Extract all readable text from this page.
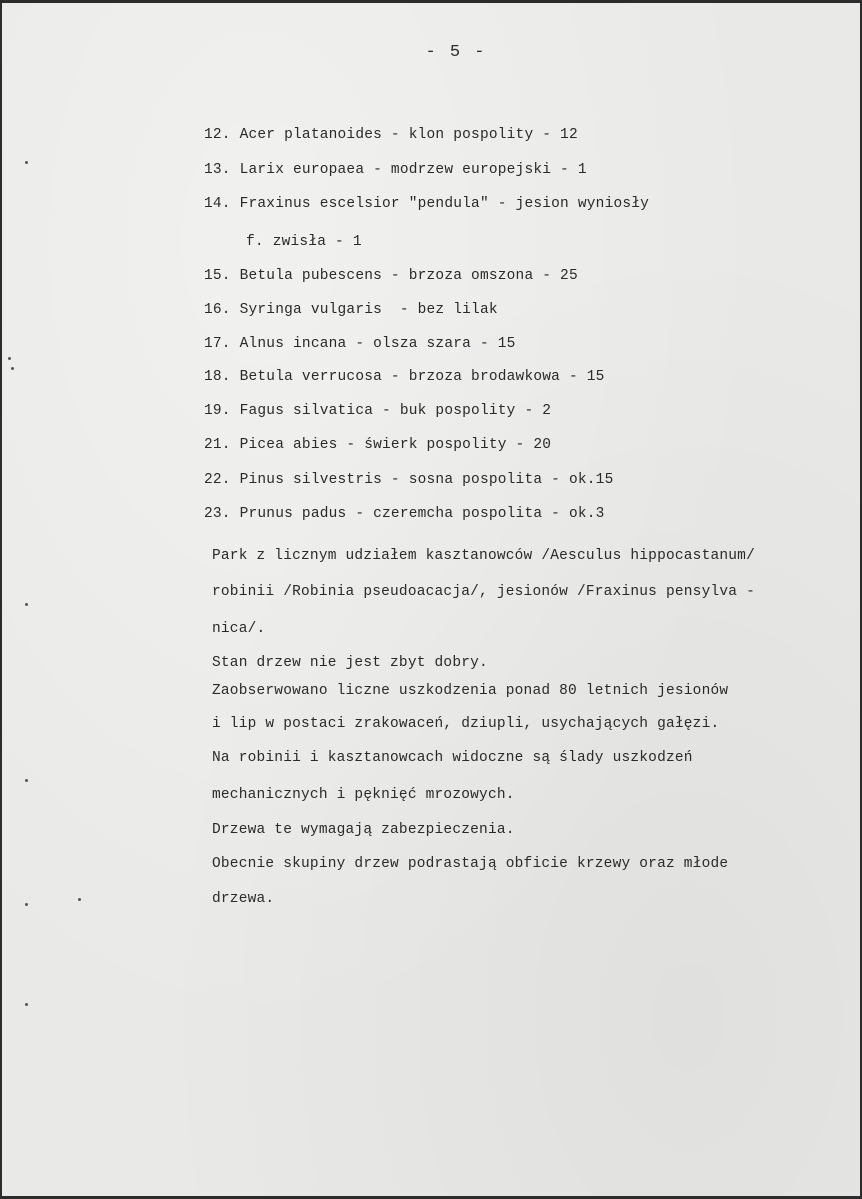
- 5 -
12. Acer platanoides - klon pospolity - 12
13. Larix europaea - modrzew europejski - 1
14. Fraxinus escelsior "pendula" - jesion wyniosły
f. zwisła - 1
15. Betula pubescens - brzoza omszona - 25
16. Syringa vulgaris  - bez lilak
17. Alnus incana - olsza szara - 15
18. Betula verrucosa - brzoza brodawkowa - 15
19. Fagus silvatica - buk pospolity - 2
21. Picea abies - świerk pospolity - 20
22. Pinus silvestris - sosna pospolita - ok.15
23. Prunus padus - czeremcha pospolita - ok.3
Park z licznym udziałem kasztanowców /Aesculus hippocastanum/
robinii /Robinia pseudoacacja/, jesionów /Fraxinus pensylva -
nica/.
Stan drzew nie jest zbyt dobry.
Zaobserwowano liczne uszkodzenia ponad 80 letnich jesionów
i lip w postaci zrakowaceń, dziupli, usychających gałęzi.
Na robinii i kasztanowcach widoczne są ślady uszkodzeń
mechanicznych i pęknięć mrozowych.
Drzewa te wymagają zabezpieczenia.
Obecnie skupiny drzew podrastają obficie krzewy oraz młode
drzewa.
